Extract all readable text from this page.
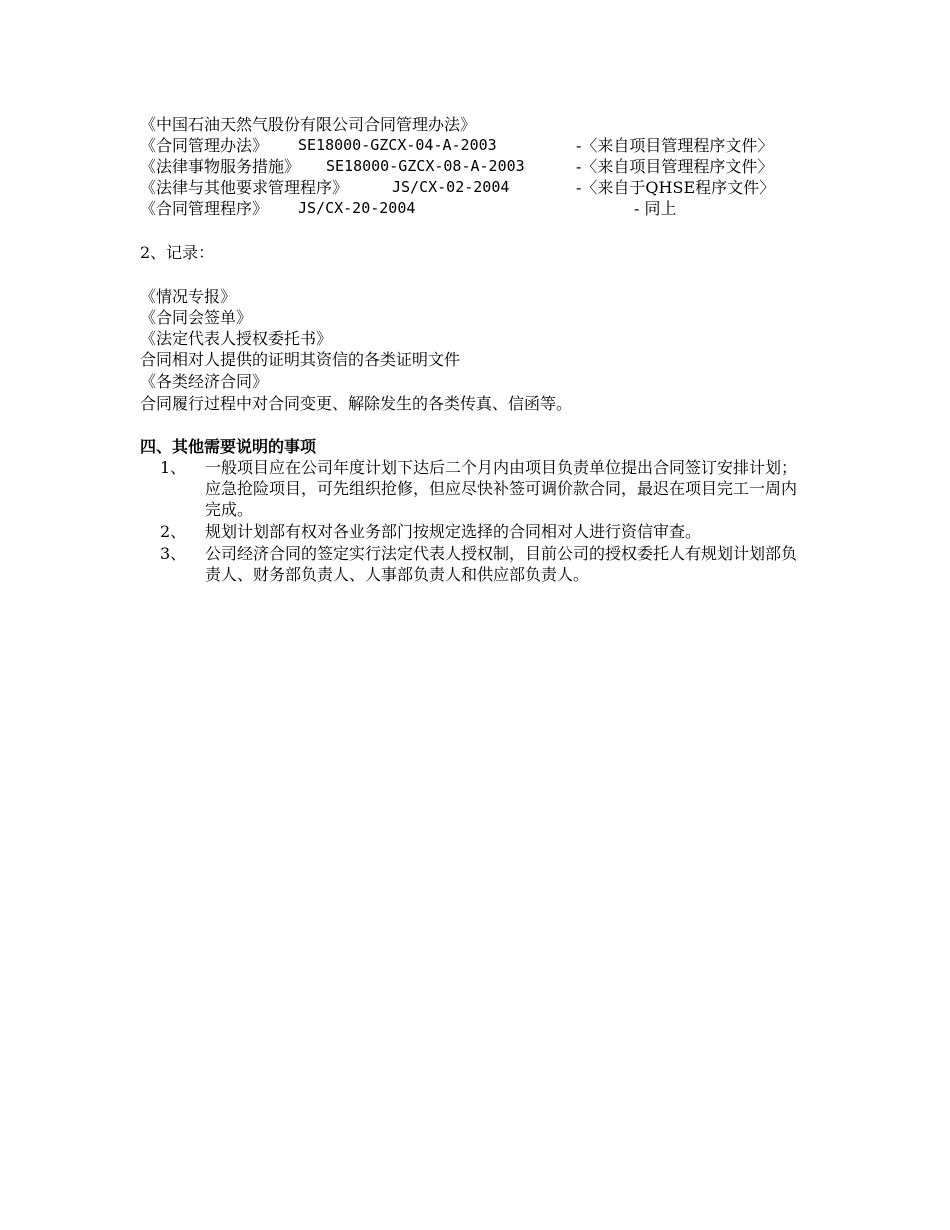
《中国石油天然气股份有限公司合同管理办法》
《合同管理办法》 SE18000-GZCX-04-A-2003	-〈来自项目管理程序文件〉
《法律事物服务措施》 SE18000-GZCX-08-A-2003	-〈来自项目管理程序文件〉
《法律与其他要求管理程序》	JS/CX-02-2004	-〈来自于QHSE程序文件〉
《合同管理程序》 JS/CX-20-2004	- 同上
2、记录：
《情况专报》
《合同会签单》
《法定代表人授权委托书》
合同相对人提供的证明其资信的各类证明文件
《各类经济合同》
合同履行过程中对合同变更、解除发生的各类传真、信函等。
四、其他需要说明的事项
1、 一般项目应在公司年度计划下达后二个月内由项目负责单位提出合同签订安排计划；应急抢险项目，可先组织抢修，但应尽快补签可调价款合同，最迟在项目完工一周内完成。
2、 规划计划部有权对各业务部门按规定选择的合同相对人进行资信审查。
3、 公司经济合同的签定实行法定代表人授权制，目前公司的授权委托人有规划计划部负责人、财务部负责人、人事部负责人和供应部负责人。
